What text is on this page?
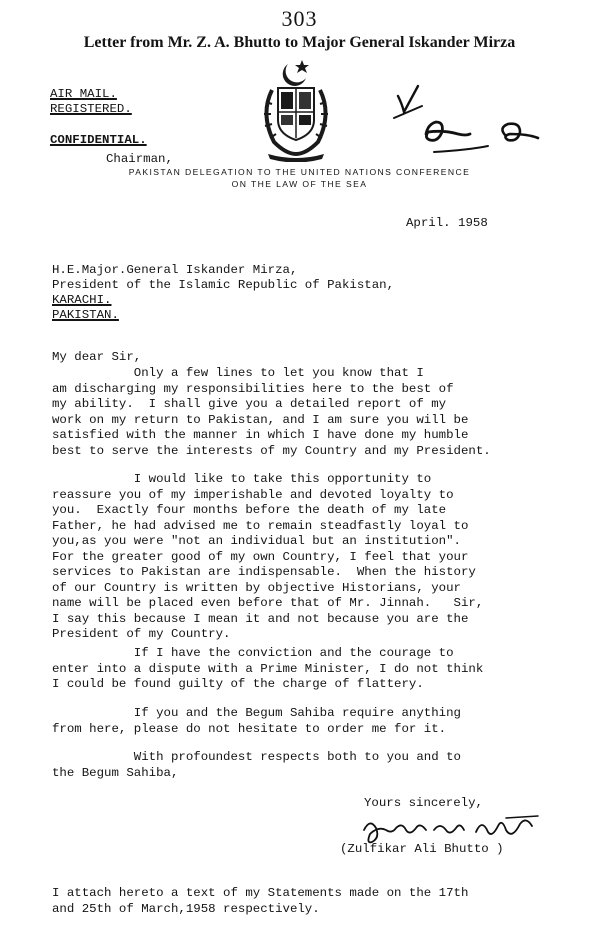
303
Letter from Mr. Z. A. Bhutto to Major General Iskander Mirza
AIR MAIL.
REGISTERED.
CONFIDENTIAL.
Chairman,
PAKISTAN DELEGATION TO THE UNITED NATIONS CONFERENCE
ON THE LAW OF THE SEA
April. 1958
H.E.Major.General Iskander Mirza,
President of the Islamic Republic of Pakistan,
KARACHI.
PAKISTAN.
My dear Sir,
Only a few lines to let you know that I
am discharging my responsibilities here to the best of
my ability.  I shall give you a detailed report of my
work on my return to Pakistan, and I am sure you will be
satisfied with the manner in which I have done my humble
best to serve the interests of my Country and my President.
I would like to take this opportunity to
reassure you of my imperishable and devoted loyalty to
you.  Exactly four months before the death of my late
Father, he had advised me to remain steadfastly loyal to
you,as you were "not an individual but an institution".
For the greater good of my own Country, I feel that your
services to Pakistan are indispensable.  When the history
of our Country is written by objective Historians, your
name will be placed even before that of Mr. Jinnah.   Sir,
I say this because I mean it and not because you are the
President of my Country.
If I have the conviction and the courage to
enter into a dispute with a Prime Minister, I do not think
I could be found guilty of the charge of flattery.
If you and the Begum Sahiba require anything
from here, please do not hesitate to order me for it.
With profoundest respects both to you and to
the Begum Sahiba,
Yours sincerely,
(Zulfikar Ali Bhutto )
I attach hereto a text of my Statements made on the 17th
and 25th of March,1958 respectively.
